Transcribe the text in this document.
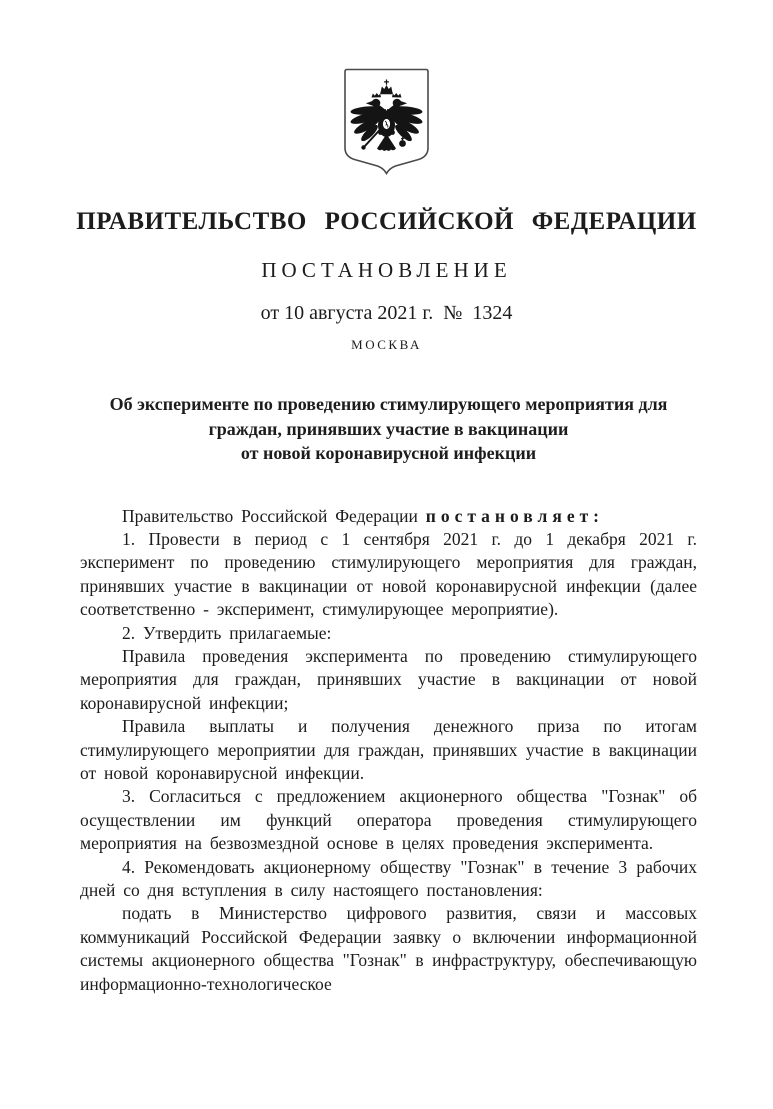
ПРАВИТЕЛЬСТВО РОССИЙСКОЙ ФЕДЕРАЦИИ
ПОСТАНОВЛЕНИЕ
от 10 августа 2021 г.  №  1324
МОСКВА
Об эксперименте по проведению стимулирующего мероприятия для
граждан, принявших участие в вакцинации
от новой коронавирусной инфекции

Правительство Российской Федерации постановляет:

1. Провести в период с 1 сентября 2021 г. до 1 декабря 2021 г. эксперимент по проведению стимулирующего мероприятия для граждан, принявших участие в вакцинации от новой коронавирусной инфекции (далее соответственно - эксперимент, стимулирующее мероприятие).

2. Утвердить прилагаемые:

Правила проведения эксперимента по проведению стимулирующего мероприятия для граждан, принявших участие в вакцинации от новой коронавирусной инфекции;

Правила выплаты и получения денежного приза по итогам стимулирующего мероприятии для граждан, принявших участие в вакцинации от новой коронавирусной инфекции.

3. Согласиться с предложением акционерного общества "Гознак" об осуществлении им функций оператора проведения стимулирующего мероприятия на безвозмездной основе в целях проведения эксперимента.

4. Рекомендовать акционерному обществу "Гознак" в течение 3 рабочих дней со дня вступления в силу настоящего постановления:

подать в Министерство цифрового развития, связи и массовых коммуникаций Российской Федерации заявку о включении информационной системы акционерного общества "Гознак" в инфраструктуру, обеспечивающую информационно-технологическое
